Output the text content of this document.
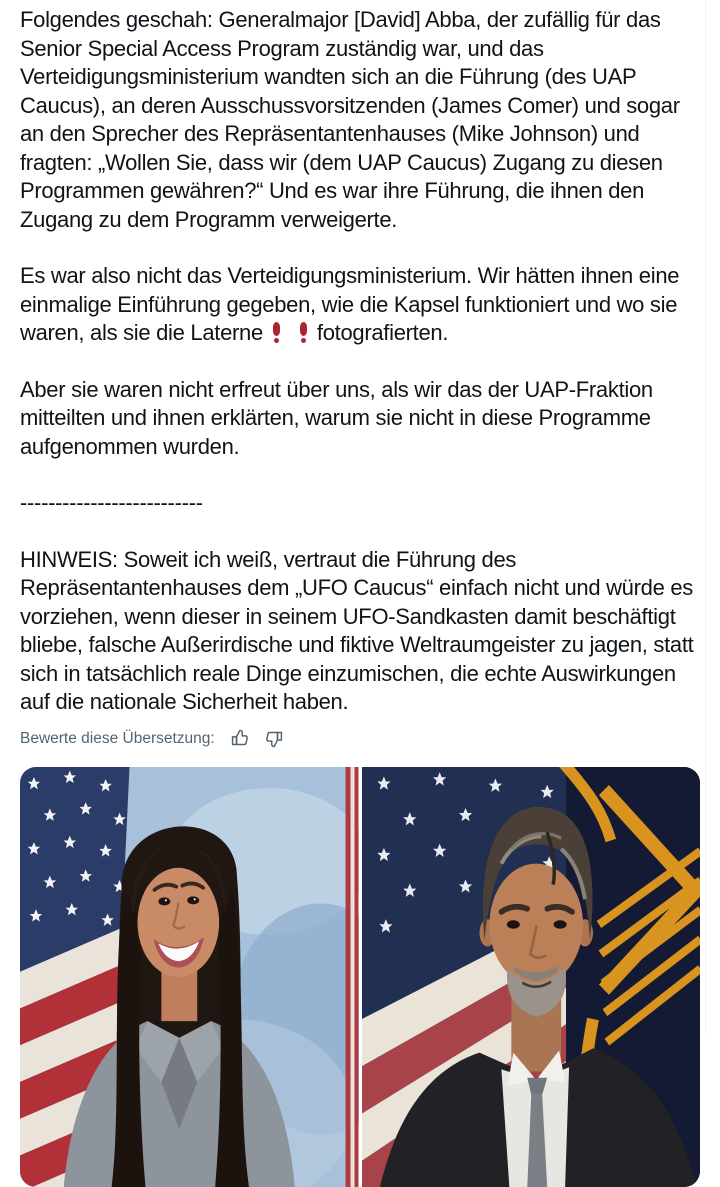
Folgendes geschah: Generalmajor [David] Abba, der zufällig für das Senior Special Access Program zuständig war, und das Verteidigungsministerium wandten sich an die Führung (des UAP Caucus), an deren Ausschussvorsitzenden (James Comer) und sogar an den Sprecher des Repräsentantenhauses (Mike Johnson) und fragten: „Wollen Sie, dass wir (dem UAP Caucus) Zugang zu diesen Programmen gewähren?“ Und es war ihre Führung, die ihnen den Zugang zu dem Programm verweigerte.

Es war also nicht das Verteidigungsministerium. Wir hätten ihnen eine einmalige Einführung gegeben, wie die Kapsel funktioniert und wo sie waren, als sie die Laterne fotografierten.

Aber sie waren nicht erfreut über uns, als wir das der UAP-Fraktion mitteilten und ihnen erklärten, warum sie nicht in diese Programme aufgenommen wurden.

--------------------------

HINWEIS: Soweit ich weiß, vertraut die Führung des Repräsentantenhauses dem „UFO Caucus“ einfach nicht und würde es vorziehen, wenn dieser in seinem UFO-Sandkasten damit beschäftigt bliebe, falsche Außerirdische und fiktive Weltraumgeister zu jagen, statt sich in tatsächlich reale Dinge einzumischen, die echte Auswirkungen auf die nationale Sicherheit haben.

Bewerte diese Übersetzung:
